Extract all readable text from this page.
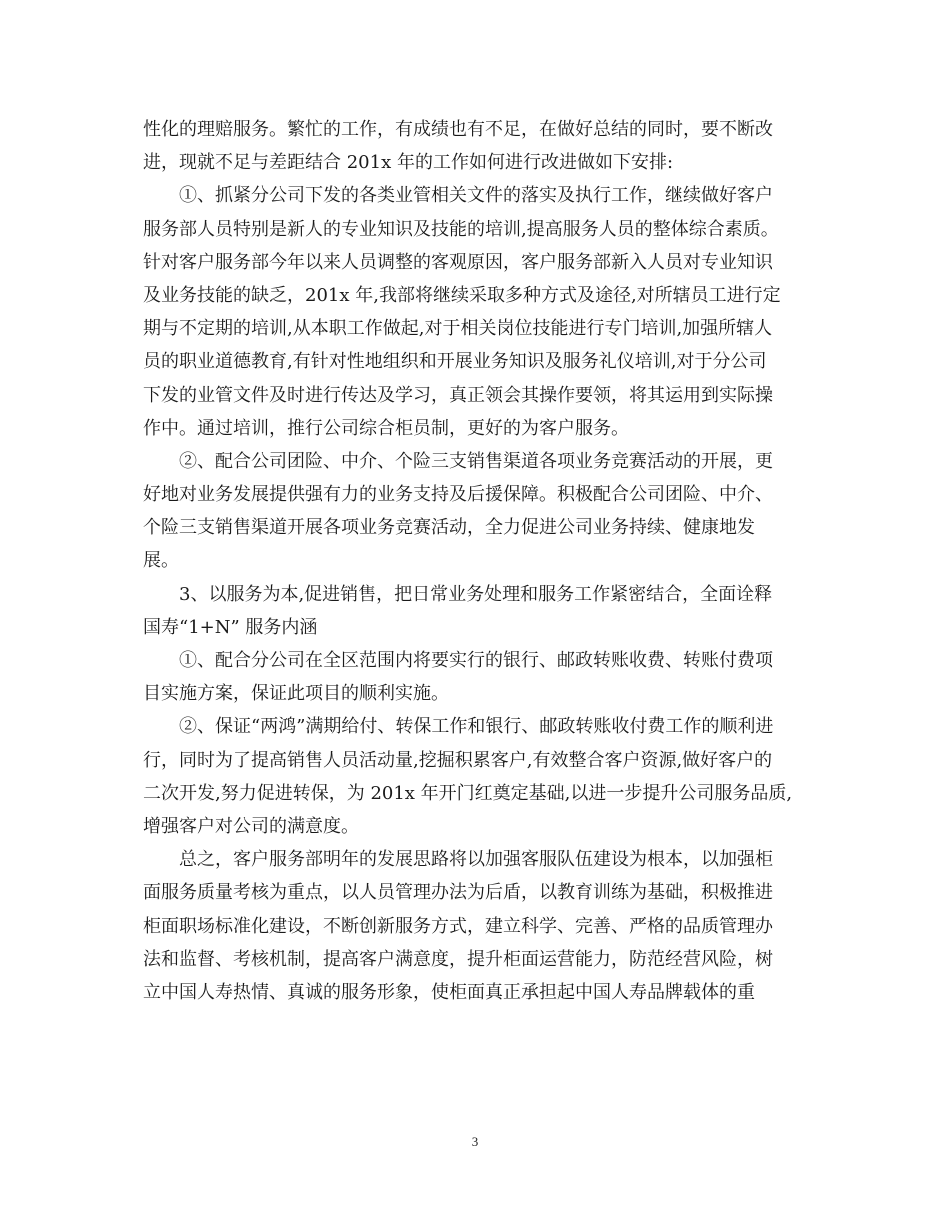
性化的理赔服务。繁忙的工作，有成绩也有不足，在做好总结的同时，要不断改
进，现就不足与差距结合 201x 年的工作如何进行改进做如下安排:
①、抓紧分公司下发的各类业管相关文件的落实及执行工作，继续做好客户
服务部人员特别是新人的专业知识及技能的培训,提高服务人员的整体综合素质。
针对客户服务部今年以来人员调整的客观原因，客户服务部新入人员对专业知识
及业务技能的缺乏，201x 年,我部将继续采取多种方式及途径,对所辖员工进行定
期与不定期的培训,从本职工作做起,对于相关岗位技能进行专门培训,加强所辖人
员的职业道德教育,有针对性地组织和开展业务知识及服务礼仪培训,对于分公司
下发的业管文件及时进行传达及学习，真正领会其操作要领，将其运用到实际操
作中。通过培训，推行公司综合柜员制，更好的为客户服务。
②、配合公司团险、中介、个险三支销售渠道各项业务竞赛活动的开展，更
好地对业务发展提供强有力的业务支持及后援保障。积极配合公司团险、中介、
个险三支销售渠道开展各项业务竞赛活动，全力促进公司业务持续、健康地发
展。
3、以服务为本,促进销售，把日常业务处理和服务工作紧密结合，全面诠释
国寿“1+N” 服务内涵
①、配合分公司在全区范围内将要实行的银行、邮政转账收费、转账付费项
目实施方案，保证此项目的顺利实施。
②、保证“两鸿”满期给付、转保工作和银行、邮政转账收付费工作的顺利进
行，同时为了提高销售人员活动量,挖掘积累客户,有效整合客户资源,做好客户的
二次开发,努力促进转保，为 201x 年开门红奠定基础,以进一步提升公司服务品质,
增强客户对公司的满意度。
总之，客户服务部明年的发展思路将以加强客服队伍建设为根本，以加强柜
面服务质量考核为重点，以人员管理办法为后盾，以教育训练为基础，积极推进
柜面职场标准化建设，不断创新服务方式，建立科学、完善、严格的品质管理办
法和监督、考核机制，提高客户满意度，提升柜面运营能力，防范经营风险，树
立中国人寿热情、真诚的服务形象，使柜面真正承担起中国人寿品牌载体的重
3
